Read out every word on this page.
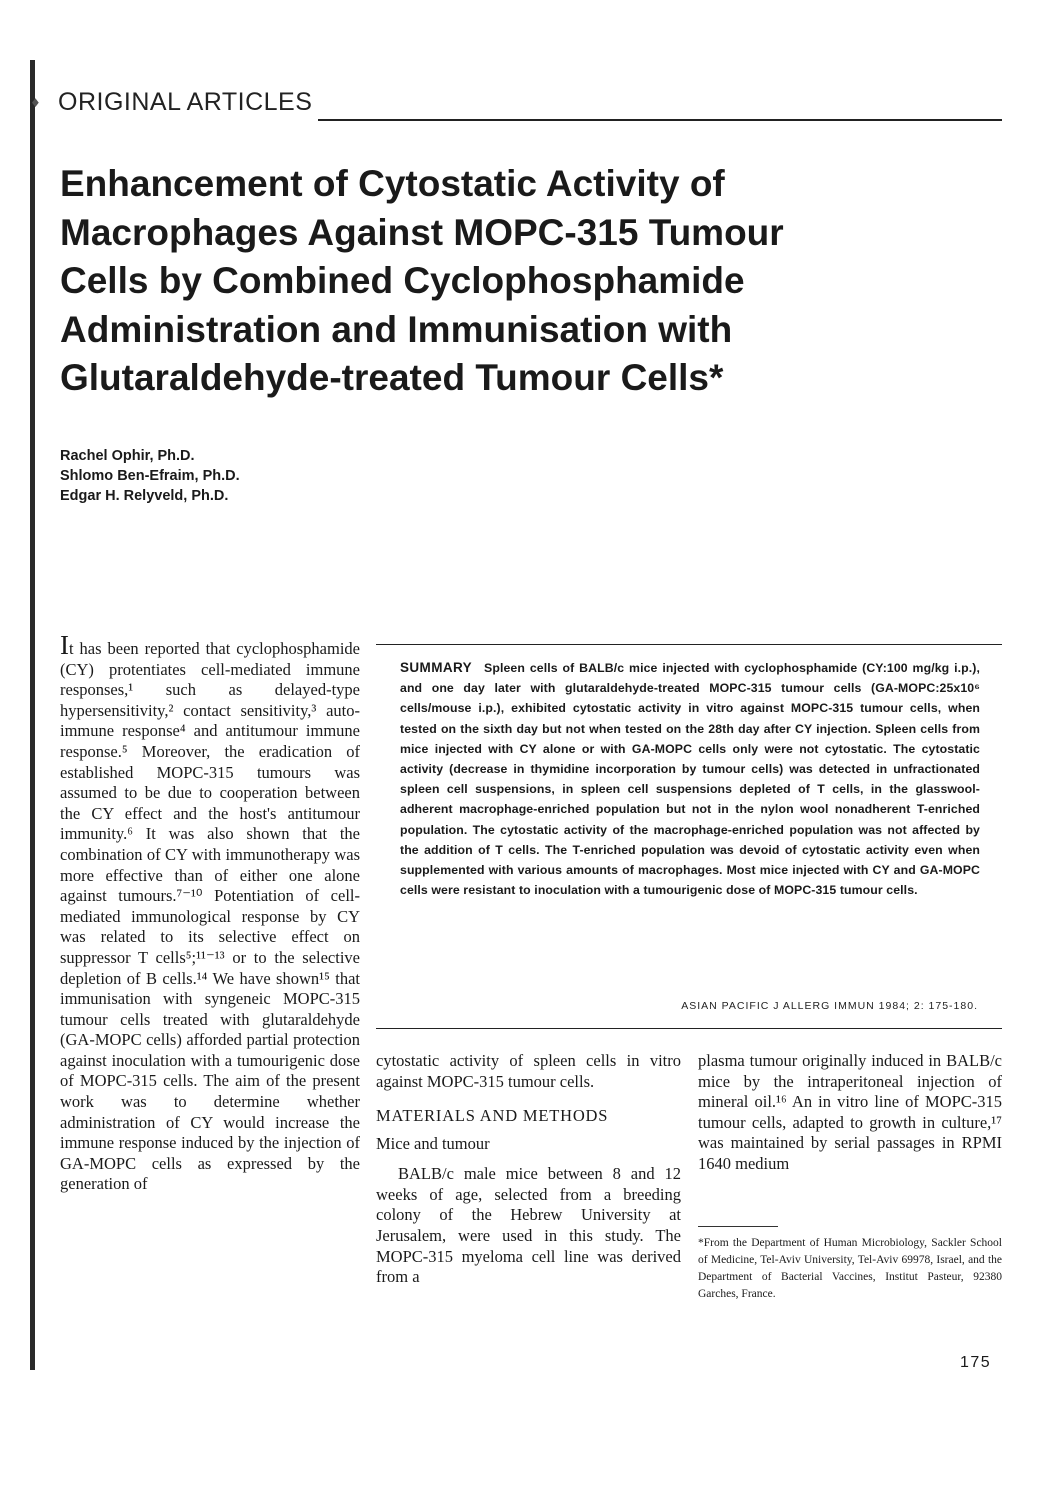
♦ ORIGINAL ARTICLES
Enhancement of Cytostatic Activity of
Macrophages Against MOPC-315 Tumour
Cells by Combined Cyclophosphamide
Administration and Immunisation with
Glutaraldehyde-treated Tumour Cells*
Rachel Ophir, Ph.D.
Shlomo Ben-Efraim, Ph.D.
Edgar H. Relyveld, Ph.D.

It has been reported that cyclophosphamide (CY) protentiates cell-mediated immune responses,¹ such as delayed-type hypersensitivity,² contact sensitivity,³ auto-immune response⁴ and antitumour immune response.⁵ Moreover, the eradication of established MOPC-315 tumours was assumed to be due to cooperation between the CY effect and the host's antitumour immunity.⁶ It was also shown that the combination of CY with immunotherapy was more effective than of either one alone against tumours.⁷⁻¹⁰ Potentiation of cell-mediated immunological response by CY was related to its selective effect on suppressor T cells⁵;¹¹⁻¹³ or to the selective depletion of B cells.¹⁴ We have shown¹⁵ that immunisation with syngeneic MOPC-315 tumour cells treated with glutaraldehyde (GA-MOPC cells) afforded partial protection against inoculation with a tumourigenic dose of MOPC-315 cells. The aim of the present work was to determine whether administration of CY would increase the immune response induced by the injection of GA-MOPC cells as expressed by the generation of

SUMMARY Spleen cells of BALB/c mice injected with cyclophosphamide (CY:100 mg/kg i.p.), and one day later with glutaraldehyde-treated MOPC-315 tumour cells (GA-MOPC:25x10⁶ cells/mouse i.p.), exhibited cytostatic activity in vitro against MOPC-315 tumour cells, when tested on the sixth day but not when tested on the 28th day after CY injection. Spleen cells from mice injected with CY alone or with GA-MOPC cells only were not cytostatic. The cytostatic activity (decrease in thymidine incorporation by tumour cells) was detected in unfractionated spleen cell suspensions, in spleen cell suspensions depleted of T cells, in the glasswool-adherent macrophage-enriched population but not in the nylon wool nonadherent T-enriched population. The cytostatic activity of the macrophage-enriched population was not affected by the addition of T cells. The T-enriched population was devoid of cytostatic activity even when supplemented with various amounts of macrophages. Most mice injected with CY and GA-MOPC cells were resistant to inoculation with a tumourigenic dose of MOPC-315 tumour cells.

ASIAN PACIFIC J ALLERG IMMUN 1984; 2: 175-180.

cytostatic activity of spleen cells in vitro against MOPC-315 tumour cells.

MATERIALS AND METHODS
Mice and tumour

BALB/c male mice between 8 and 12 weeks of age, selected from a breeding colony of the Hebrew University at Jerusalem, were used in this study. The MOPC-315 myeloma cell line was derived from a

plasma tumour originally induced in BALB/c mice by the intraperitoneal injection of mineral oil.¹⁶ An in vitro line of MOPC-315 tumour cells, adapted to growth in culture,¹⁷ was maintained by serial passages in RPMI 1640 medium

*From the Department of Human Microbiology, Sackler School of Medicine, Tel-Aviv University, Tel-Aviv 69978, Israel, and the Department of Bacterial Vaccines, Institut Pasteur, 92380 Garches, France.

175
